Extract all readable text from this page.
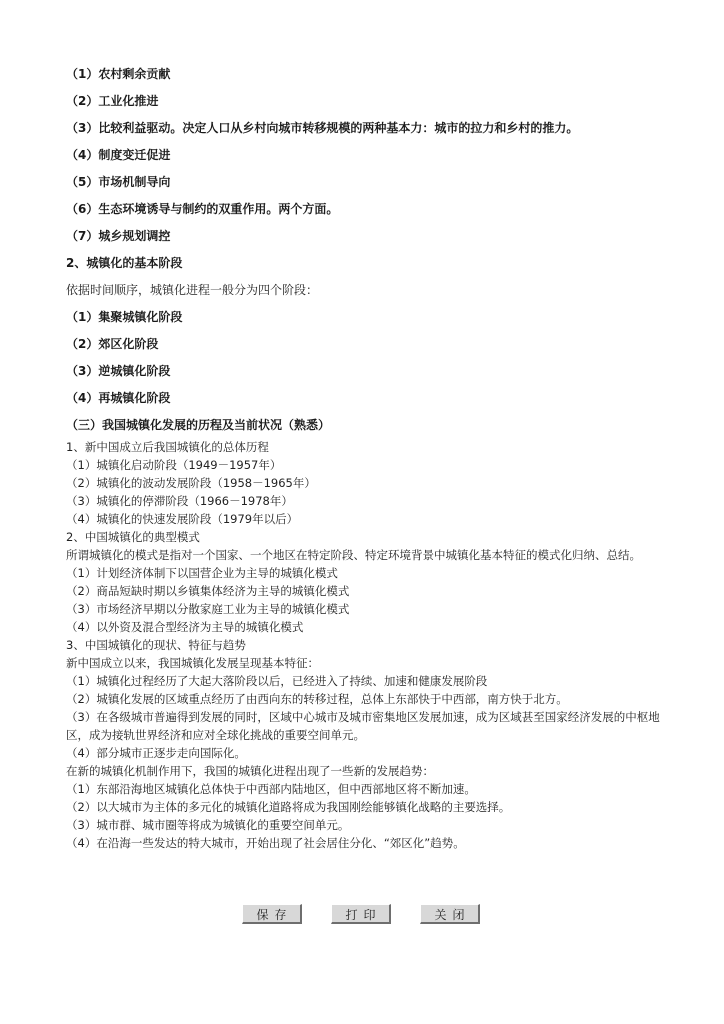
（1）农村剩余贡献
（2）工业化推进
（3）比较利益驱动。决定人口从乡村向城市转移规模的两种基本力：城市的拉力和乡村的推力。
（4）制度变迁促进
（5）市场机制导向
（6）生态环境诱导与制约的双重作用。两个方面。
（7）城乡规划调控
2、城镇化的基本阶段
依据时间顺序，城镇化进程一般分为四个阶段：
（1）集聚城镇化阶段
（2）郊区化阶段
（3）逆城镇化阶段
（4）再城镇化阶段
（三）我国城镇化发展的历程及当前状况（熟悉）
1、新中国成立后我国城镇化的总体历程
（1）城镇化启动阶段（1949－1957年）
（2）城镇化的波动发展阶段（1958－1965年）
（3）城镇化的停滞阶段（1966－1978年）
（4）城镇化的快速发展阶段（1979年以后）
2、中国城镇化的典型模式
所谓城镇化的模式是指对一个国家、一个地区在特定阶段、特定环境背景中城镇化基本特征的模式化归纳、总结。
（1）计划经济体制下以国营企业为主导的城镇化模式
（2）商品短缺时期以乡镇集体经济为主导的城镇化模式
（3）市场经济早期以分散家庭工业为主导的城镇化模式
（4）以外资及混合型经济为主导的城镇化模式
3、中国城镇化的现状、特征与趋势
新中国成立以来，我国城镇化发展呈现基本特征：
（1）城镇化过程经历了大起大落阶段以后，已经进入了持续、加速和健康发展阶段
（2）城镇化发展的区域重点经历了由西向东的转移过程，总体上东部快于中西部，南方快于北方。
（3）在各级城市普遍得到发展的同时，区域中心城市及城市密集地区发展加速，成为区域甚至国家经济发展的中枢地区，成为接轨世界经济和应对全球化挑战的重要空间单元。
（4）部分城市正逐步走向国际化。
在新的城镇化机制作用下，我国的城镇化进程出现了一些新的发展趋势：
（1）东部沿海地区城镇化总体快于中西部内陆地区，但中西部地区将不断加速。
（2）以大城市为主体的多元化的城镇化道路将成为我国刚绘能够镇化战略的主要选择。
（3）城市群、城市圈等将成为城镇化的重要空间单元。
（4）在沿海一些发达的特大城市，开始出现了社会居住分化、“郊区化”趋势。
保存	打印	关闭
